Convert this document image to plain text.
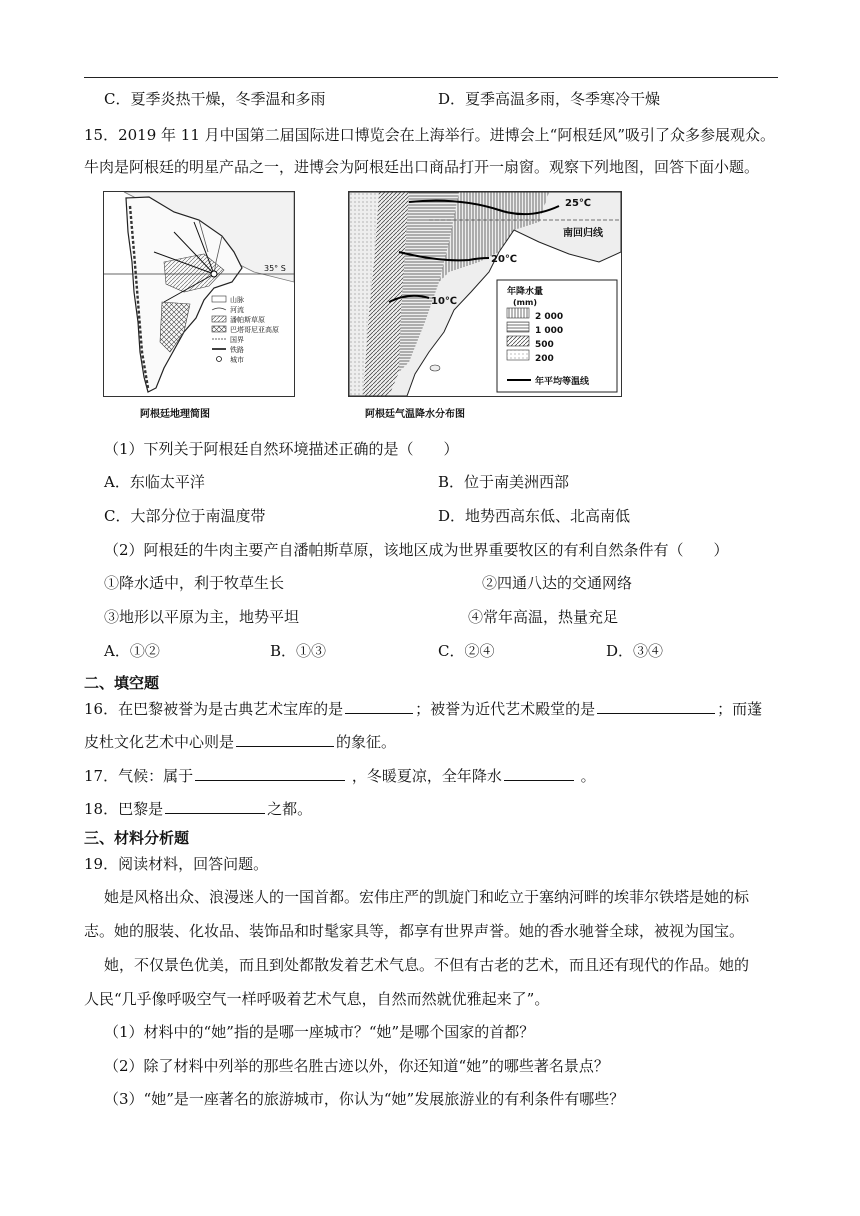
C．夏季炎热干燥，冬季温和多雨	D．夏季高温多雨，冬季寒冷干燥
15．2019 年 11 月中国第二届国际进口博览会在上海举行。进博会上“阿根廷风”吸引了众多参展观众。
牛肉是阿根廷的明星产品之一，进博会为阿根廷出口商品打开一扇窗。观察下列地图，回答下面小题。
35° S
山脉
河流
潘帕斯草原
巴塔哥尼亚高原
国界
铁路
城市
阿根廷地理简图
南回归线
25℃
20℃
10℃
年降水量
(mm)
2 000
1 000
500
200
年平均等温线
阿根廷气温降水分布图
（1）下列关于阿根廷自然环境描述正确的是（　　）
A．东临太平洋	B．位于南美洲西部
C．大部分位于南温度带	D．地势西高东低、北高南低
（2）阿根廷的牛肉主要产自潘帕斯草原，该地区成为世界重要牧区的有利自然条件有（　　）
①降水适中，利于牧草生长	②四通八达的交通网络
③地形以平原为主，地势平坦	④常年高温，热量充足
A．①②	B．①③	C．②④	D．③④
二、填空题
16．在巴黎被誉为是古典艺术宝库的是	；被誉为近代艺术殿堂的是	；而蓬
皮杜文化艺术中心则是	的象征。
17．气候：属于	，冬暖夏凉，全年降水	。
18．巴黎是	之都。
三、材料分析题
19．阅读材料，回答问题。
她是风格出众、浪漫迷人的一国首都。宏伟庄严的凯旋门和屹立于塞纳河畔的埃菲尔铁塔是她的标
志。她的服装、化妆品、装饰品和时髦家具等，都享有世界声誉。她的香水驰誉全球，被视为国宝。
她，不仅景色优美，而且到处都散发着艺术气息。不但有古老的艺术，而且还有现代的作品。她的
人民“几乎像呼吸空气一样呼吸着艺术气息，自然而然就优雅起来了”。
（1）材料中的“她”指的是哪一座城市？“她”是哪个国家的首都？
（2）除了材料中列举的那些名胜古迹以外，你还知道“她”的哪些著名景点？
（3）“她”是一座著名的旅游城市，你认为“她”发展旅游业的有利条件有哪些？
